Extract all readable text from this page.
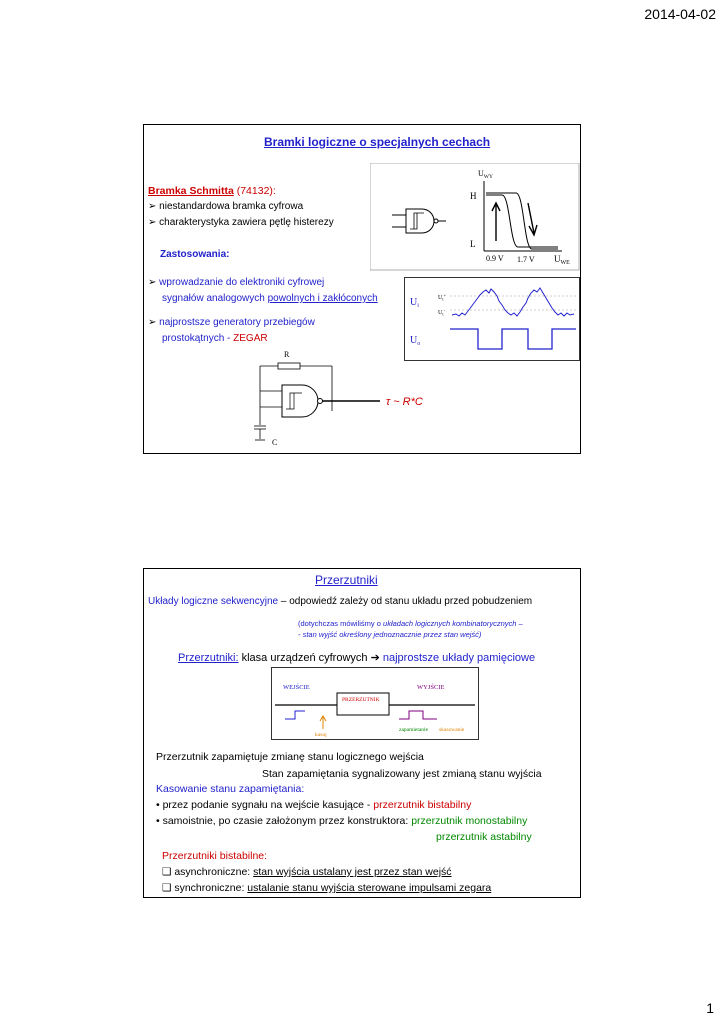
2014-04-02
1
Bramki logiczne o specjalnych cechach
Bramka Schmitta (74132):
➢ niestandardowa bramka cyfrowa
➢ charakterystyka zawiera pętlę histerezy
Zastosowania:
➢ wprowadzanie do elektroniki cyfrowej
sygnałów analogowych powolnych i zakłóconych
➢ najprostsze generatory przebiegów
prostokątnych - ZEGAR
$U_{WY}$
H
L
0.9 V 1.7 V $U_{WE}$
$U_i$
$U_o$
$U_t^+$
$U_t^-$
R
C
τ ~ R*C
Przerzutniki
Układy logiczne sekwencyjne – odpowiedź zależy od stanu układu przed pobudzeniem
(dotychczas mówiliśmy o układach logicznych kombinatorycznych –
- stan wyjść określony jednoznacznie przez stan wejść)
Przerzutniki: klasa urządzeń cyfrowych ➔ najprostsze układy pamięciowe
WEJŚCIE	WYJŚCIE
PRZERZUTNIK
kasuj
zapamietanie skasowanie
Przerzutnik zapamiętuje zmianę stanu logicznego wejścia
Stan zapamiętania sygnalizowany jest zmianą stanu wyjścia
Kasowanie stanu zapamiętania:
• przez podanie sygnału na wejście kasujące - przerzutnik bistabilny
• samoistnie, po czasie założonym przez konstruktora: przerzutnik monostabilny
przerzutnik astabilny
Przerzutniki bistabilne:
❑ asynchroniczne: stan wyjścia ustalany jest przez stan wejść
❑ synchroniczne: ustalanie stanu wyjścia sterowane impulsami zegara
